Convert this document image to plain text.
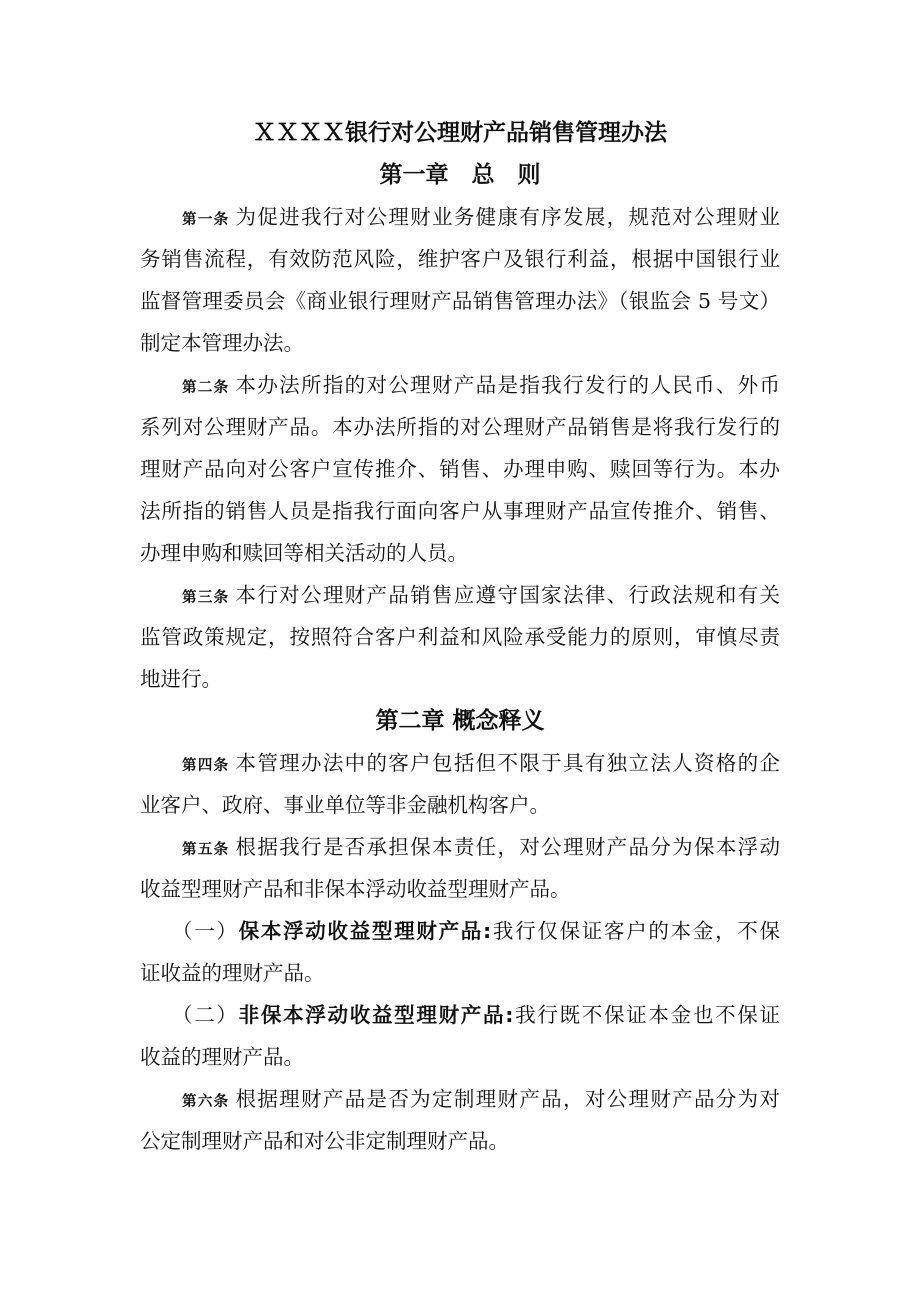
ＸＸＸＸ银行对公理财产品销售管理办法
第一章　总　则
第一条 为促进我行对公理财业务健康有序发展，规范对公理财业
务销售流程，有效防范风险，维护客户及银行利益，根据中国银行业
监督管理委员会《商业银行理财产品销售管理办法》（银监会 5 号文）
制定本管理办法。
第二条 本办法所指的对公理财产品是指我行发行的人民币、外币
系列对公理财产品。本办法所指的对公理财产品销售是将我行发行的
理财产品向对公客户宣传推介、销售、办理申购、赎回等行为。本办
法所指的销售人员是指我行面向客户从事理财产品宣传推介、销售、
办理申购和赎回等相关活动的人员。
第三条 本行对公理财产品销售应遵守国家法律、行政法规和有关
监管政策规定，按照符合客户利益和风险承受能力的原则，审慎尽责
地进行。
第二章 概念释义
第四条 本管理办法中的客户包括但不限于具有独立法人资格的企
业客户、政府、事业单位等非金融机构客户。
第五条 根据我行是否承担保本责任，对公理财产品分为保本浮动
收益型理财产品和非保本浮动收益型理财产品。
（一）保本浮动收益型理财产品:我行仅保证客户的本金，不保
证收益的理财产品。
（二）非保本浮动收益型理财产品:我行既不保证本金也不保证
收益的理财产品。
第六条 根据理财产品是否为定制理财产品，对公理财产品分为对
公定制理财产品和对公非定制理财产品。
